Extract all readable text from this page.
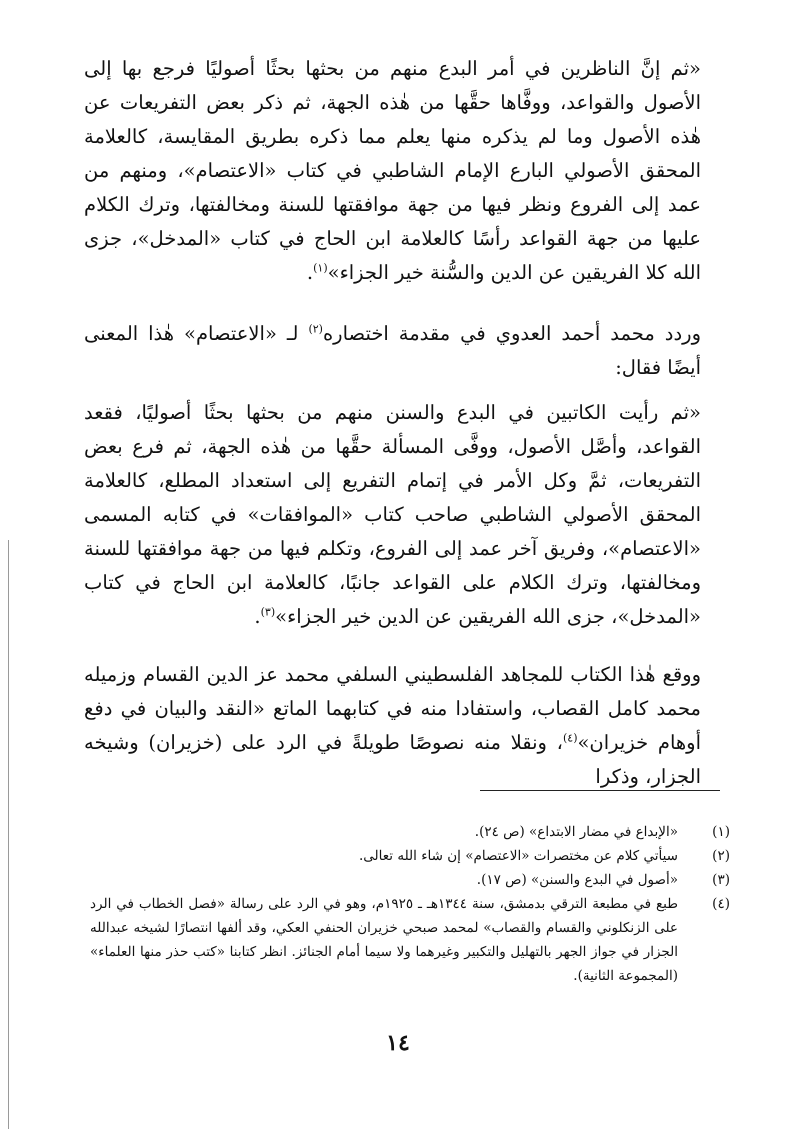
«ثم إنَّ الناظرين في أمر البدع منهم من بحثها بحثًا أصوليًا فرجع بها إلى الأصول والقواعد، ووفَّاها حقَّها من هٰذه الجهة، ثم ذكر بعض التفريعات عن هٰذه الأصول وما لم يذكره منها يعلم مما ذكره بطريق المقايسة، كالعلامة المحقق الأصولي البارع الإمام الشاطبي في كتاب «الاعتصام»، ومنهم من عمد إلى الفروع ونظر فيها من جهة موافقتها للسنة ومخالفتها، وترك الكلام عليها من جهة القواعد رأسًا كالعلامة ابن الحاج في كتاب «المدخل»، جزى الله كلا الفريقين عن الدين والسُّنة خير الجزاء»$^{(١)}$.

وردد محمد أحمد العدوي في مقدمة اختصاره$^{(٢)}$ لـ «الاعتصام» هٰذا المعنى أيضًا فقال:

«ثم رأيت الكاتبين في البدع والسنن منهم من بحثها بحثًا أصوليًا، فقعد القواعد، وأصَّل الأصول، ووفَّى المسألة حقَّها من هٰذه الجهة، ثم فرع بعض التفريعات، ثمَّ وكل الأمر في إتمام التفريع إلى استعداد المطلع، كالعلامة المحقق الأصولي الشاطبي صاحب كتاب «الموافقات» في كتابه المسمى «الاعتصام»، وفريق آخر عمد إلى الفروع، وتكلم فيها من جهة موافقتها للسنة ومخالفتها، وترك الكلام على القواعد جانبًا، كالعلامة ابن الحاج في كتاب «المدخل»، جزى الله الفريقين عن الدين خير الجزاء»$^{(٣)}$.

ووقع هٰذا الكتاب للمجاهد الفلسطيني السلفي محمد عز الدين القسام وزميله محمد كامل القصاب، واستفادا منه في كتابهما الماتع «النقد والبيان في دفع أوهام خزيران»$^{(٤)}$، ونقلا منه نصوصًا طويلةً في الرد على (خزيران) وشيخه الجزار، وذكرا

(١)
«الإبداع في مضار الابتداع» (ص ٢٤).

(٢)
سيأتي كلام عن مختصرات «الاعتصام» إن شاء الله تعالى.

(٣)
«أصول في البدع والسنن» (ص ١٧).

(٤)
طبع في مطبعة الترقي بدمشق، سنة ١٣٤٤هـ ـ ١٩٢٥م، وهو في الرد على رسالة «فصل الخطاب في الرد على الزنكلوني والقسام والقصاب» لمحمد صبحي خزيران الحنفي العكي، وقد ألفها انتصارًا لشيخه عبدالله الجزار في جواز الجهر بالتهليل والتكبير وغيرهما ولا سيما أمام الجنائز. انظر كتابنا «كتب حذر منها العلماء» (المجموعة الثانية).

١٤
